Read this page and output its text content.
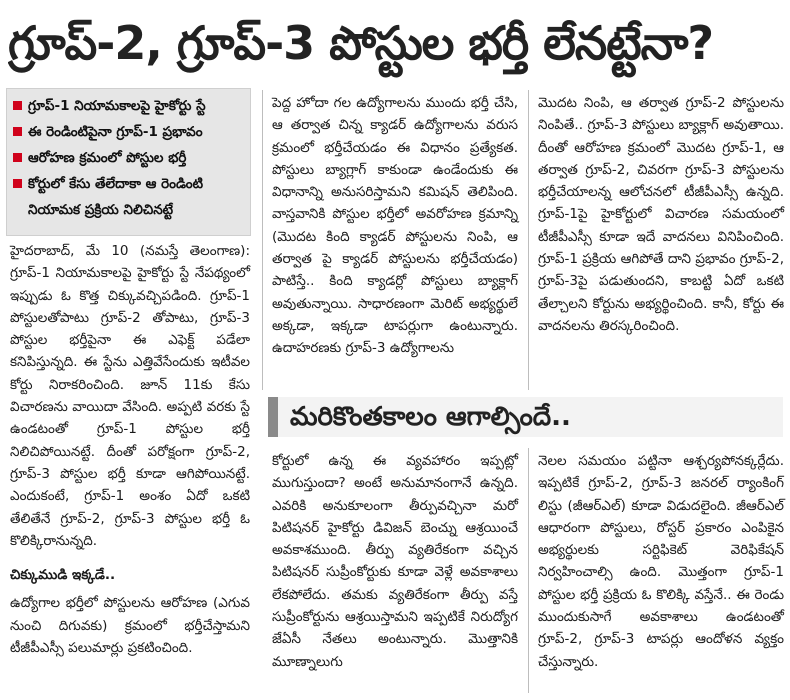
గ్రూప్-2, గ్రూప్-3 పోస్టుల భర్తీ లేనట్టేనా?
గ్రూప్-1 నియామకాలపై హైకోర్టు స్టే
ఈ రెండింటిపైనా గ్రూప్-1 ప్రభావం
ఆరోహణ క్రమంలో పోస్టుల భర్తీ
కోర్టులో కేసు తేలేదాకా ఆ రెండింటి నియామక ప్రక్రియ నిలిచినట్టే

హైదరాబాద్, మే 10 (నమస్తే తెలంగాణ): గ్రూప్-1 నియామకాలపై హైకోర్టు స్టే నేపథ్యంలో ఇప్పుడు ఓ కొత్త చిక్కువచ్చిపడింది. గ్రూప్-1 పోస్టులతోపాటు గ్రూప్-2 తోపాటు, గ్రూప్-3 పోస్టుల భర్తీపైనా ఈ ఎఫెక్ట్ పడేలా కనిపిస్తున్నది. ఈ స్టేను ఎత్తివేసేందుకు ఇటీవల కోర్టు నిరాకరించింది. జూన్ 11కు కేసు విచారణను వాయిదా వేసింది. అప్పటి వరకు స్టే ఉండటంతో గ్రూప్-1 పోస్టుల భర్తీ నిలిచిపోయినట్టే. దీంతో పరోక్షంగా గ్రూప్-2, గ్రూప్-3 పోస్టుల భర్తీ కూడా ఆగిపోయినట్టే. ఎందుకంటే, గ్రూప్-1 అంశం ఏదో ఒకటి తేలితేనే గ్రూప్-2, గ్రూప్-3 పోస్టుల భర్తీ ఓ కొలిక్కిరానున్నది.

చిక్కుముడి ఇక్కడే..

ఉద్యోగాల భర్తీలో పోస్టులను ఆరోహణ (ఎగువ నుంచి దిగువకు) క్రమంలో భర్తీచేస్తామని టీజీపీఎస్సీ పలుమార్లు ప్రకటించింది.

పెద్ద హోదా గల ఉద్యోగాలను ముందు భర్తీ చేసి, ఆ తర్వాత చిన్న క్యాడర్ ఉద్యోగాలను వరుస క్రమంలో భర్తీచేయడం ఈ విధానం ప్రత్యేకత. పోస్టులు బ్యాగ్లాగ్ కాకుండా ఉండేందుకు ఈ విధానాన్ని అనుసరిస్తామని కమిషన్ తెలిపింది. వాస్తవానికి పోస్టుల భర్తీలో అవరోహణ క్రమాన్ని (మొదట కింది క్యాడర్ పోస్టులను నింపి, ఆ తర్వాత పై క్యాడర్ పోస్టులను భర్తీచేయడం) పాటిస్తే.. కింది క్యాడర్లో పోస్టులు బ్యాక్లాగ్ అవుతున్నాయి. సాధారణంగా మెరిట్ అభ్యర్థులే అక్కడా, ఇక్కడా టాపర్లుగా ఉంటున్నారు. ఉదాహరణకు గ్రూప్-3 ఉద్యోగాలను

మొదట నింపి, ఆ తర్వాత గ్రూప్-2 పోస్టులను నింపితే.. గ్రూప్-3 పోస్టులు బ్యాక్లాగ్ అవుతాయి. దీంతో ఆరోహణ క్రమంలో మొదట గ్రూప్-1, ఆ తర్వాత గ్రూప్-2, చివరగా గ్రూప్-3 పోస్టులను భర్తీచేయాలన్న ఆలోచనలో టీజీపీఎస్సీ ఉన్నది. గ్రూప్-1పై హైకోర్టులో విచారణ సమయంలో టీజీపీఎస్సీ కూడా ఇదే వాదనలు వినిపించింది. గ్రూప్-1 ప్రక్రియ ఆగిపోతే దాని ప్రభావం గ్రూప్-2, గ్రూప్-3పై పడుతుందని, కాబట్టి ఏదో ఒకటి తేల్చాలని కోర్టును అభ్యర్థించింది. కానీ, కోర్టు ఈ వాదనలను తిరస్కరించింది.

మరికొంతకాలం ఆగాల్సిందే..

కోర్టులో ఉన్న ఈ వ్యవహారం ఇప్పట్లో ముగుస్తుందా? అంటే అనుమానంగానే ఉన్నది. ఎవరికి అనుకూలంగా తీర్పువచ్చినా మరో పిటిషనర్ హైకోర్టు డివిజన్ బెంచ్ను ఆశ్రయించే అవకాశముంది. తీర్పు వ్యతిరేకంగా వచ్చిన పిటిషనర్ సుప్రీంకోర్టుకు కూడా వెళ్లే అవకాశాలు లేకపోలేదు. తమకు వ్యతిరేకంగా తీర్పు వస్తే సుప్రీంకోర్టును ఆశ్రయిస్తామని ఇప్పటికే నిరుద్యోగ జేఏసీ నేతలు అంటున్నారు. మొత్తానికి మూణ్నాలుగు

నెలల సమయం పట్టినా ఆశ్చర్యపోనక్కర్లేదు. ఇప్పటికే గ్రూప్-2, గ్రూప్-3 జనరల్ ర్యాంకింగ్ లిస్టు (జీఆర్ఎల్) కూడా విడుదలైంది. జీఆర్ఎల్ ఆధారంగా పోస్టులు, రోస్టర్ ప్రకారం ఎంపికైన అభ్యర్థులకు సర్టిఫికెట్ వెరిఫికేషన్ నిర్వహించాల్సి ఉంది. మొత్తంగా గ్రూప్-1 పోస్టుల భర్తీ ప్రక్రియ ఓ కొలిక్కి వస్తేనే.. ఈ రెండు ముందుకుసాగే అవకాశాలు ఉండటంతో గ్రూప్-2, గ్రూప్-3 టాపర్లు ఆందోళన వ్యక్తం చేస్తున్నారు.
